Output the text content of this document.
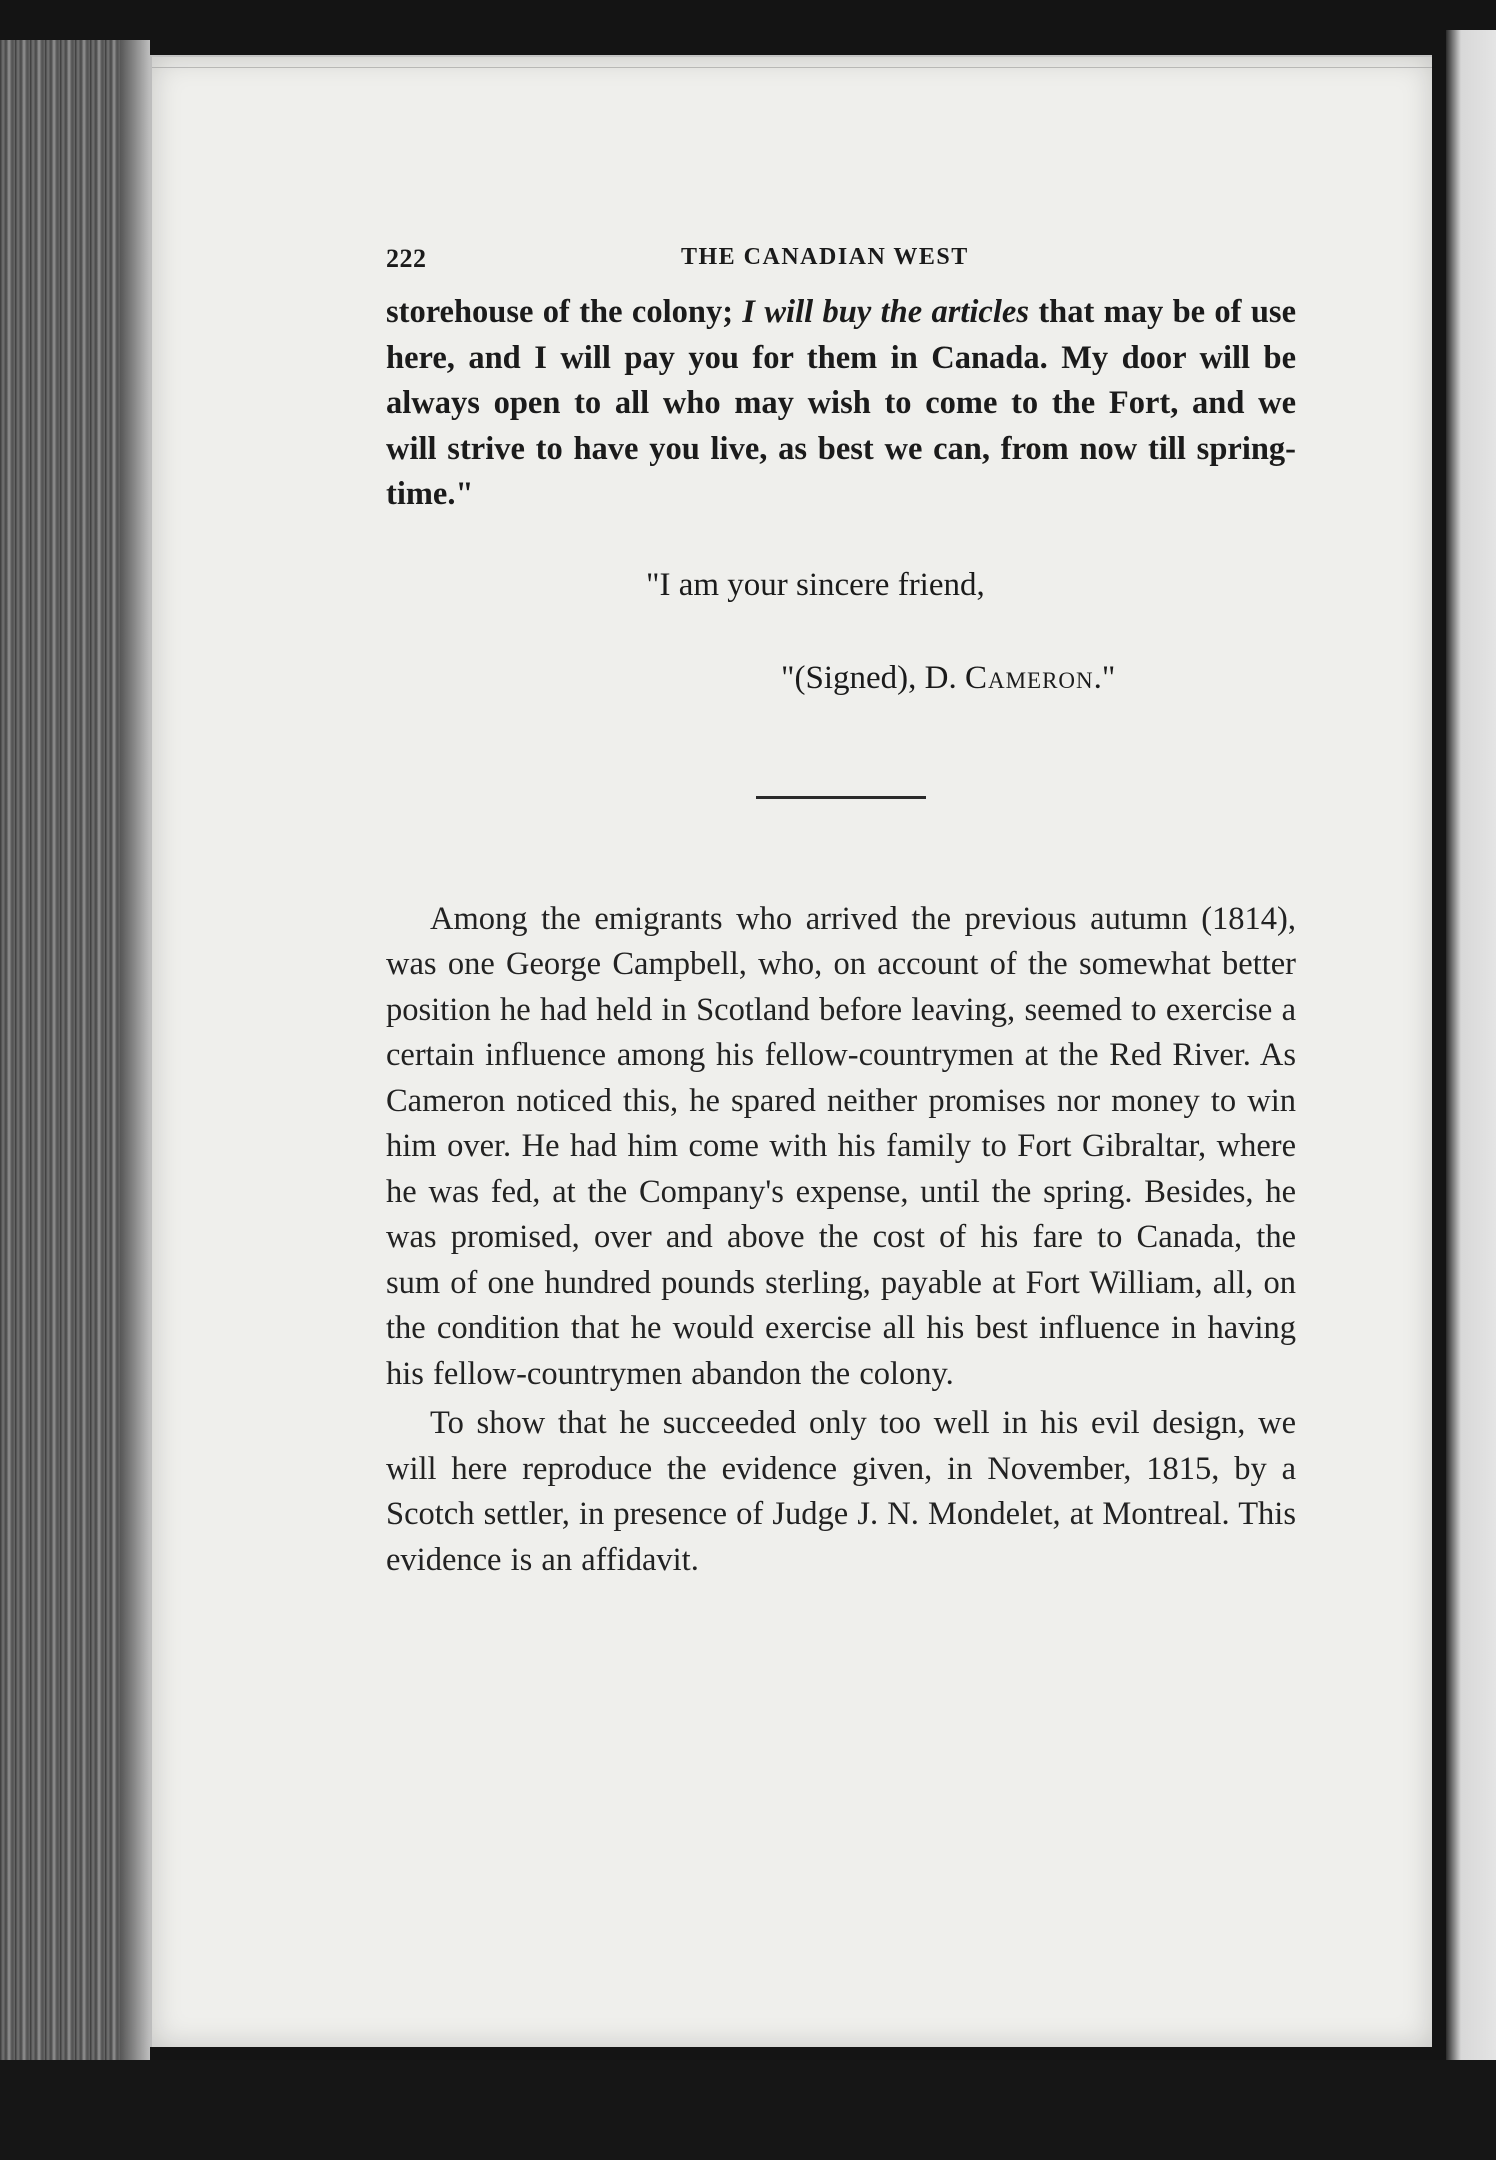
222	THE CANADIAN WEST

storehouse of the colony; I will buy the articles that may be of use here, and I will pay you for them in Canada. My door will be always open to all who may wish to come to the Fort, and we will strive to have you live, as best we can, from now till spring-time."

"I am your sincere friend,
"(Signed), D. Cameron."

Among the emigrants who arrived the previous autumn (1814), was one George Campbell, who, on account of the somewhat better position he had held in Scotland before leaving, seemed to exercise a certain influence among his fellow-countrymen at the Red River. As Cameron noticed this, he spared neither promises nor money to win him over. He had him come with his family to Fort Gibraltar, where he was fed, at the Company's expense, until the spring. Besides, he was promised, over and above the cost of his fare to Canada, the sum of one hundred pounds sterling, payable at Fort William, all, on the condition that he would exercise all his best influence in having his fellow-countrymen abandon the colony.

To show that he succeeded only too well in his evil design, we will here reproduce the evidence given, in November, 1815, by a Scotch settler, in presence of Judge J. N. Mondelet, at Montreal. This evidence is an affidavit.
